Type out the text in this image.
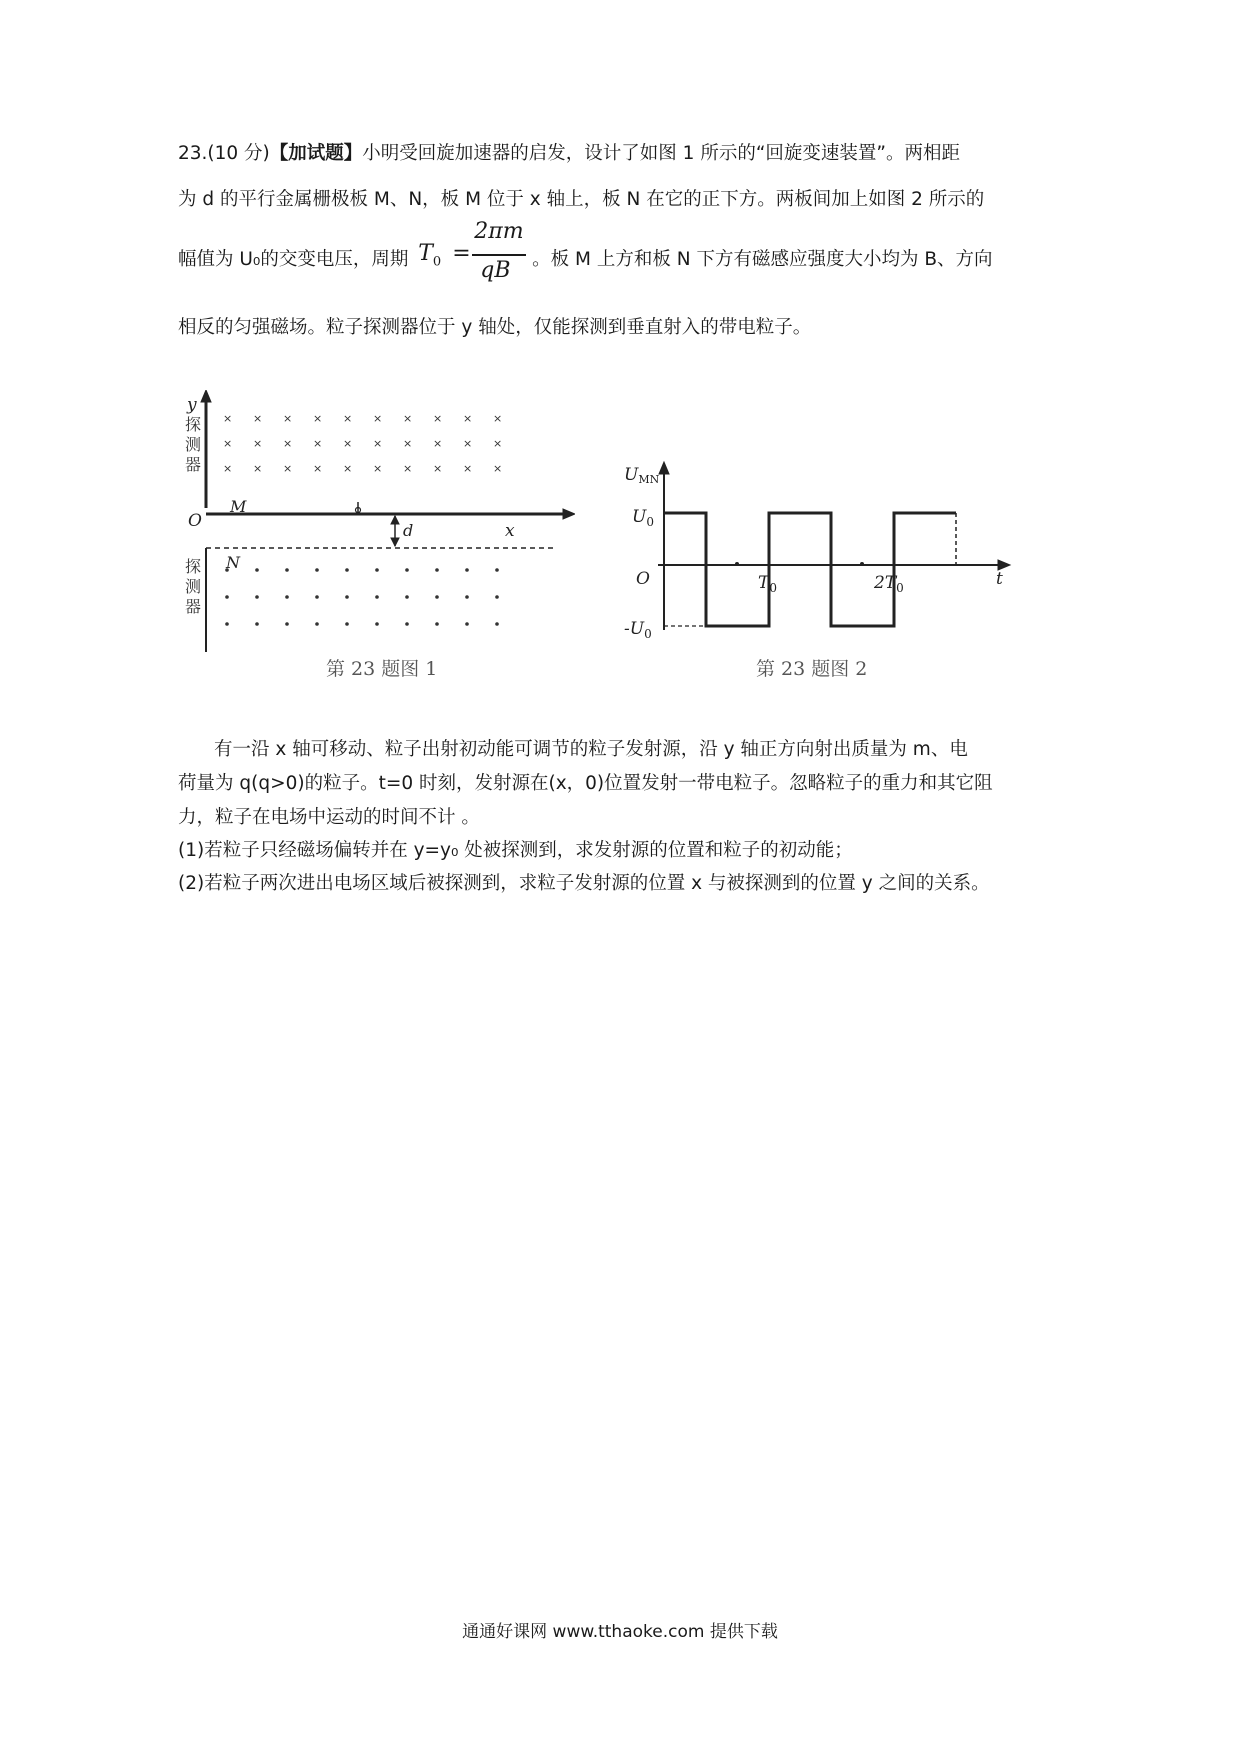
23.(10 分)【加试题】小明受回旋加速器的启发，设计了如图 1 所示的“回旋变速装置”。两相距
为 d 的平行金属栅极板 M、N，板 M 位于 x 轴上，板 N 在它的正下方。两板间加上如图 2 所示的
幅值为 U₀的交变电压，周期 $T_0$ =
2πm
qB 。板 M 上方和板 N 下方有磁感应强度大小均为 B、方向
相反的匀强磁场。粒子探测器位于 y 轴处，仅能探测到垂直射入的带电粒子。
× × × × × × × × × ×
× × × × × × × × × ×
× × × × × × × × × ×
y
x
O
M
N
d
探
测
器
探
测
器
第 23 题图 1
UMN
$U_0$
$-U_0$
O	$T_0$	$2T_0$	t
第 23 题图 2
有一沿 x 轴可移动、粒子出射初动能可调节的粒子发射源，沿 y 轴正方向射出质量为 m、电
荷量为 q(q>0)的粒子。t=0 时刻，发射源在(x，0)位置发射一带电粒子。忽略粒子的重力和其它阻
力，粒子在电场中运动的时间不计 。
(1)若粒子只经磁场偏转并在 y=y₀ 处被探测到，求发射源的位置和粒子的初动能；
(2)若粒子两次进出电场区域后被探测到，求粒子发射源的位置 x 与被探测到的位置 y 之间的关系。
通通好课网 www.tthaoke.com 提供下载
